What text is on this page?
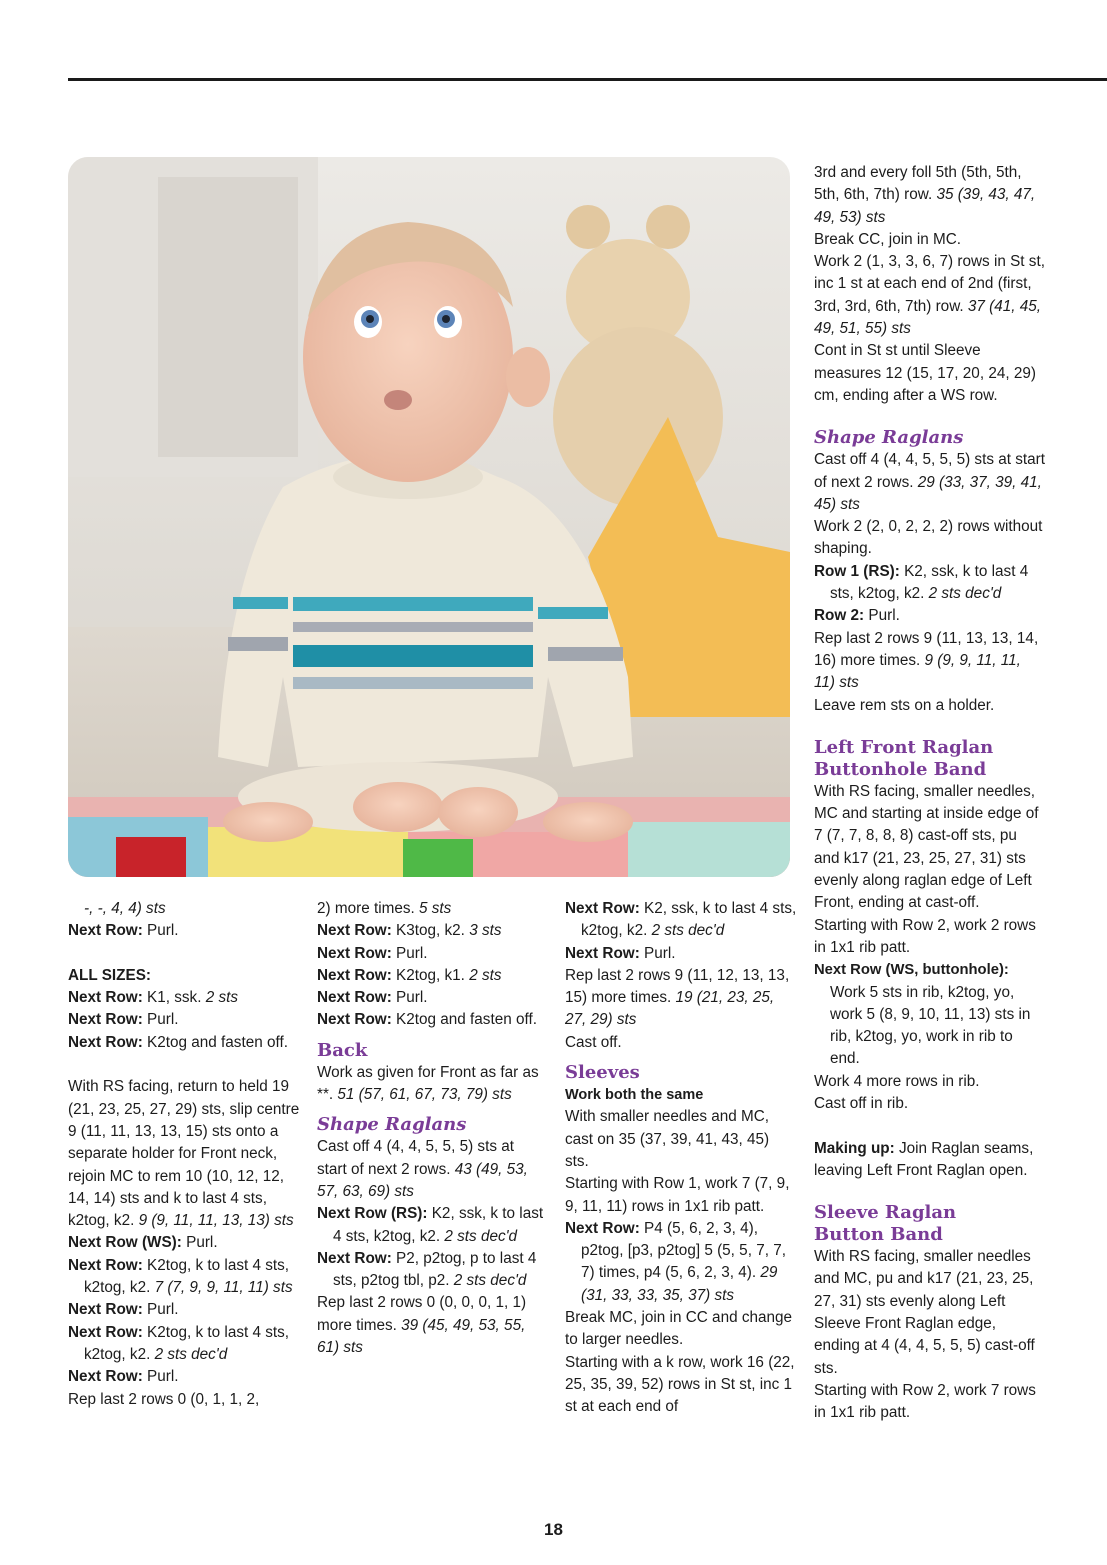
-, -, 4, 4) sts

Next Row: Purl.

ALL SIZES:

Next Row: K1, ssk. 2 sts

Next Row: Purl.

Next Row: K2tog and fasten off.

With RS facing, return to held 19 (21, 23, 25, 27, 29) sts, slip centre 9 (11, 11, 13, 13, 15) sts onto a separate holder for Front neck, rejoin MC to rem 10 (10, 12, 12, 14, 14) sts and k to last 4 sts, k2tog, k2. 9 (9, 11, 11, 13, 13) sts

Next Row (WS): Purl.

Next Row: K2tog, k to last 4 sts, k2tog, k2. 7 (7, 9, 9, 11, 11) sts

Next Row: Purl.

Next Row: K2tog, k to last 4 sts, k2tog, k2. 2 sts dec'd

Next Row: Purl.

Rep last 2 rows 0 (0, 1, 1, 2,

2) more times. 5 sts

Next Row: K3tog, k2. 3 sts

Next Row: Purl.

Next Row: K2tog, k1. 2 sts

Next Row: Purl.

Next Row: K2tog and fasten off.

Back

Work as given for Front as far as **. 51 (57, 61, 67, 73, 79) sts

Shape Raglans

Cast off 4 (4, 4, 5, 5, 5) sts at start of next 2 rows. 43 (49, 53, 57, 63, 69) sts

Next Row (RS): K2, ssk, k to last 4 sts, k2tog, k2. 2 sts dec'd

Next Row: P2, p2tog, p to last 4 sts, p2tog tbl, p2. 2 sts dec'd

Rep last 2 rows 0 (0, 0, 0, 1, 1) more times. 39 (45, 49, 53, 55, 61) sts

Next Row: K2, ssk, k to last 4 sts, k2tog, k2. 2 sts dec'd

Next Row: Purl.

Rep last 2 rows 9 (11, 12, 13, 13, 15) more times. 19 (21, 23, 25, 27, 29) sts

Cast off.

Sleeves

Work both the same

With smaller needles and MC, cast on 35 (37, 39, 41, 43, 45) sts.

Starting with Row 1, work 7 (7, 9, 9, 11, 11) rows in 1x1 rib patt.

Next Row: P4 (5, 6, 2, 3, 4), p2tog, [p3, p2tog] 5 (5, 5, 7, 7, 7) times, p4 (5, 6, 2, 3, 4). 29 (31, 33, 33, 35, 37) sts

Break MC, join in CC and change to larger needles.

Starting with a k row, work 16 (22, 25, 35, 39, 52) rows in St st, inc 1 st at each end of

3rd and every foll 5th (5th, 5th, 5th, 6th, 7th) row. 35 (39, 43, 47, 49, 53) sts

Break CC, join in MC.

Work 2 (1, 3, 3, 6, 7) rows in St st, inc 1 st at each end of 2nd (first, 3rd, 3rd, 6th, 7th) row. 37 (41, 45, 49, 51, 55) sts

Cont in St st until Sleeve measures 12 (15, 17, 20, 24, 29) cm, ending after a WS row.

Shape Raglans

Cast off 4 (4, 4, 5, 5, 5) sts at start of next 2 rows. 29 (33, 37, 39, 41, 45) sts

Work 2 (2, 0, 2, 2, 2) rows without shaping.

Row 1 (RS): K2, ssk, k to last 4 sts, k2tog, k2. 2 sts dec'd

Row 2: Purl.

Rep last 2 rows 9 (11, 13, 13, 14, 16) more times. 9 (9, 9, 11, 11, 11) sts

Leave rem sts on a holder.

Left Front Raglan
Buttonhole Band

With RS facing, smaller needles, MC and starting at inside edge of 7 (7, 7, 8, 8, 8) cast-off sts, pu and k17 (21, 23, 25, 27, 31) sts evenly along raglan edge of Left Front, ending at cast-off.

Starting with Row 2, work 2 rows in 1x1 rib patt.

Next Row (WS, buttonhole):

Work 5 sts in rib, k2tog, yo, work 5 (8, 9, 10, 11, 13) sts in rib, k2tog, yo, work in rib to end.

Work 4 more rows in rib.

Cast off in rib.

Making up: Join Raglan seams, leaving Left Front Raglan open.

Sleeve Raglan
Button Band

With RS facing, smaller needles and MC, pu and k17 (21, 23, 25, 27, 31) sts evenly along Left Sleeve Front Raglan edge, ending at 4 (4, 4, 5, 5, 5) cast-off sts.

Starting with Row 2, work 7 rows in 1x1 rib patt.

18
